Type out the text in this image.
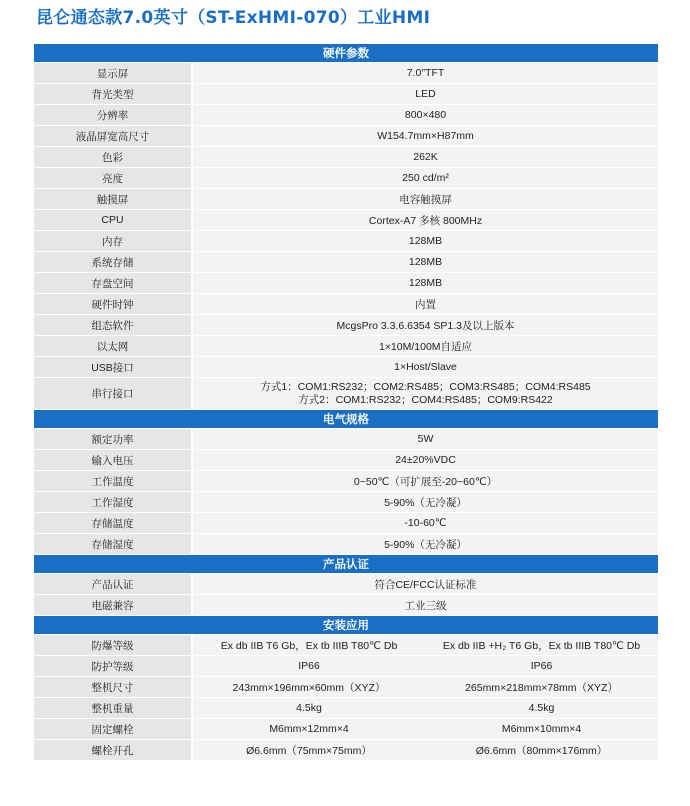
昆仑通态款7.0英寸（ST-ExHMI-070）工业HMI
硬件参数		
显示屏	7.0"TFT	
背光类型	LED	
分辨率	800×480	
液晶屏宽高尺寸	W154.7mm×H87mm	
色彩	262K	
亮度	250 cd/m²	
触摸屏	电容触摸屏	
CPU	Cortex-A7 多核 800MHz	
内存	128MB	
系统存储	128MB	
存盘空间	128MB	
硬件时钟	内置	
组态软件	McgsPro 3.3.6.6354 SP1.3及以上版本	
以太网	1×10M/100M自适应	
USB接口	1×Host/Slave	
串行接口	方式1：COM1:RS232；COM2:RS485；COM3:RS485；COM4:RS485
方式2：COM1:RS232；COM4:RS485；COM9:RS422	

电气规格		
额定功率	5W	
输入电压	24±20%VDC	
工作温度	0~50℃（可扩展至-20~60℃）	
工作湿度	5-90%（无冷凝）	
存储温度	-10-60℃	
存储湿度	5-90%（无冷凝）	
产品认证		
产品认证	符合CE/FCC认证标准	
电磁兼容	工业三级	
安装应用		
防爆等级	Ex db IIB T6 Gb，Ex tb IIIB T80℃ Db	Ex db IIB +H₂ T6 Gb，Ex tb IIIB T80℃ Db
防护等级	IP66	IP66
整机尺寸	243mm×196mm×60mm（XYZ）	265mm×218mm×78mm（XYZ）
整机重量	4.5kg	4.5kg
固定螺栓	M6mm×12mm×4	M6mm×10mm×4
螺栓开孔	Ø6.6mm（75mm×75mm）	Ø6.6mm（80mm×176mm）
